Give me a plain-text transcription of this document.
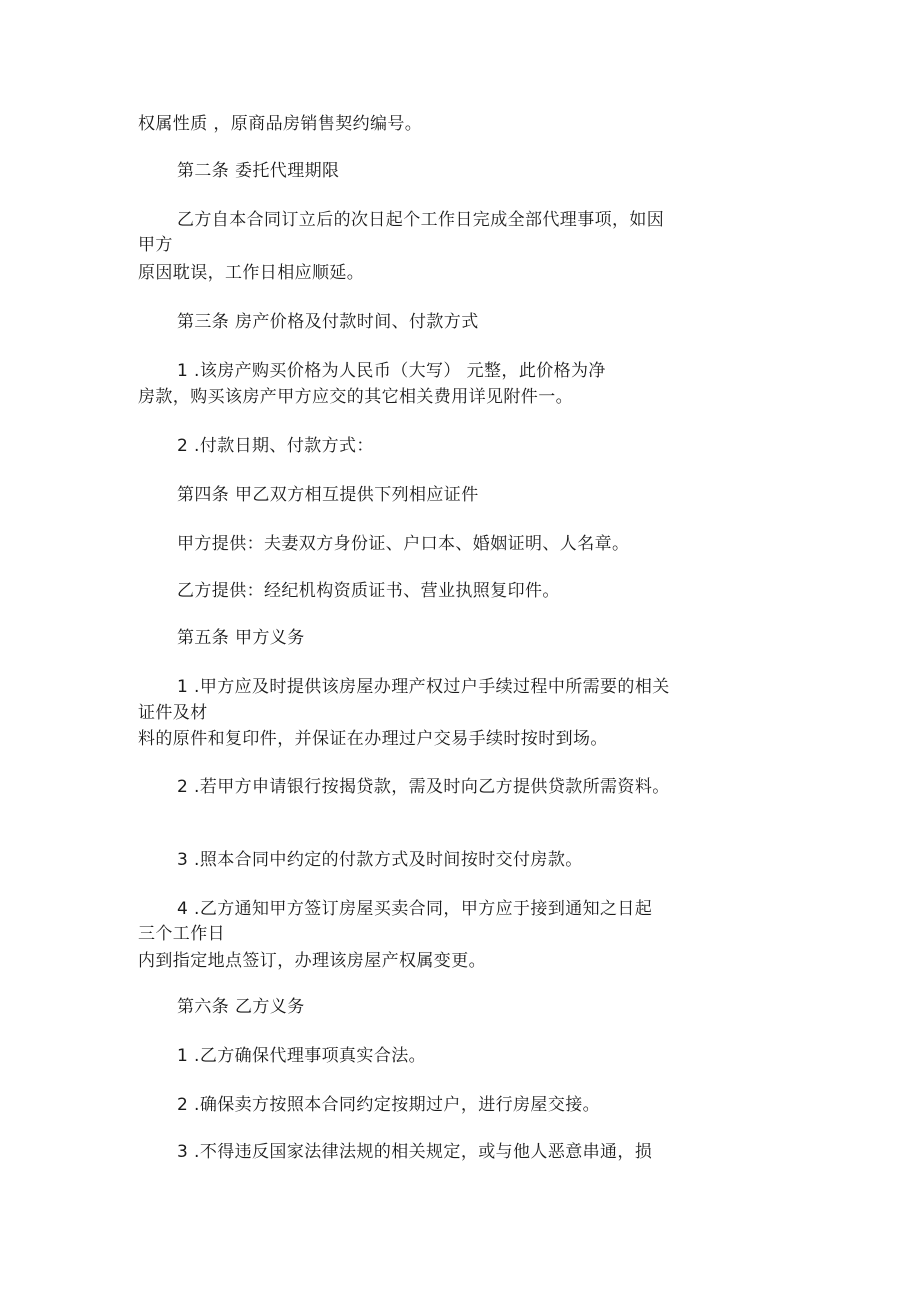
权属性质 ，原商品房销售契约编号。
第二条 委托代理期限
乙方自本合同订立后的次日起个工作日完成全部代理事项，如因
甲方
原因耽误，工作日相应顺延。
第三条 房产价格及付款时间、付款方式
1 .该房产购买价格为人民币（大写） 元整，此价格为净
房款，购买该房产甲方应交的其它相关费用详见附件一。
2 .付款日期、付款方式：
第四条 甲乙双方相互提供下列相应证件
甲方提供：夫妻双方身份证、户口本、婚姻证明、人名章。
乙方提供：经纪机构资质证书、营业执照复印件。
第五条 甲方义务
1 .甲方应及时提供该房屋办理产权过户手续过程中所需要的相关
证件及材
料的原件和复印件，并保证在办理过户交易手续时按时到场。
2 .若甲方申请银行按揭贷款，需及时向乙方提供贷款所需资料。
3 .照本合同中约定的付款方式及时间按时交付房款。
4 .乙方通知甲方签订房屋买卖合同，甲方应于接到通知之日起
三个工作日
内到指定地点签订，办理该房屋产权属变更。
第六条 乙方义务
1 .乙方确保代理事项真实合法。
2 .确保卖方按照本合同约定按期过户，进行房屋交接。
3 .不得违反国家法律法规的相关规定，或与他人恶意串通，损
